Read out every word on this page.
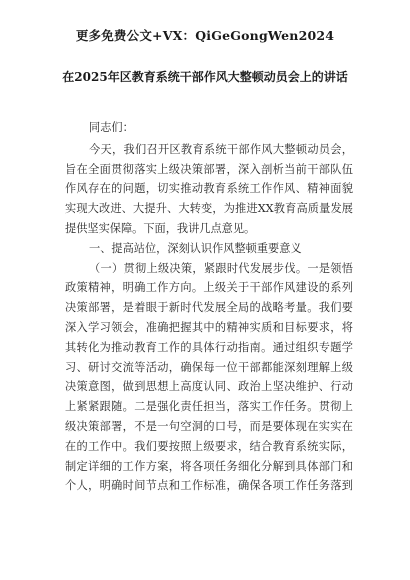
更多免费公文+VX：QiGeGongWen2024
在2025年区教育系统干部作风大整顿动员会上的讲话
同志们：
今天，我们召开区教育系统干部作风大整顿动员会，
旨在全面贯彻落实上级决策部署，深入剖析当前干部队伍
作风存在的问题，切实推动教育系统工作作风、精神面貌
实现大改进、大提升、大转变，为推进XX教育高质量发展
提供坚实保障。下面，我讲几点意见。
一、提高站位，深刻认识作风整顿重要意义
（一）贯彻上级决策，紧跟时代发展步伐。一是领悟
政策精神，明确工作方向。上级关于干部作风建设的系列
决策部署，是着眼于新时代发展全局的战略考量。我们要
深入学习领会，准确把握其中的精神实质和目标要求，将
其转化为推动教育工作的具体行动指南。通过组织专题学
习、研讨交流等活动，确保每一位干部都能深刻理解上级
决策意图，做到思想上高度认同、政治上坚决维护、行动
上紧紧跟随。二是强化责任担当，落实工作任务。贯彻上
级决策部署，不是一句空洞的口号，而是要体现在实实在
在的工作中。我们要按照上级要求，结合教育系统实际，
制定详细的工作方案，将各项任务细化分解到具体部门和
个人，明确时间节点和工作标准，确保各项工作任务落到
